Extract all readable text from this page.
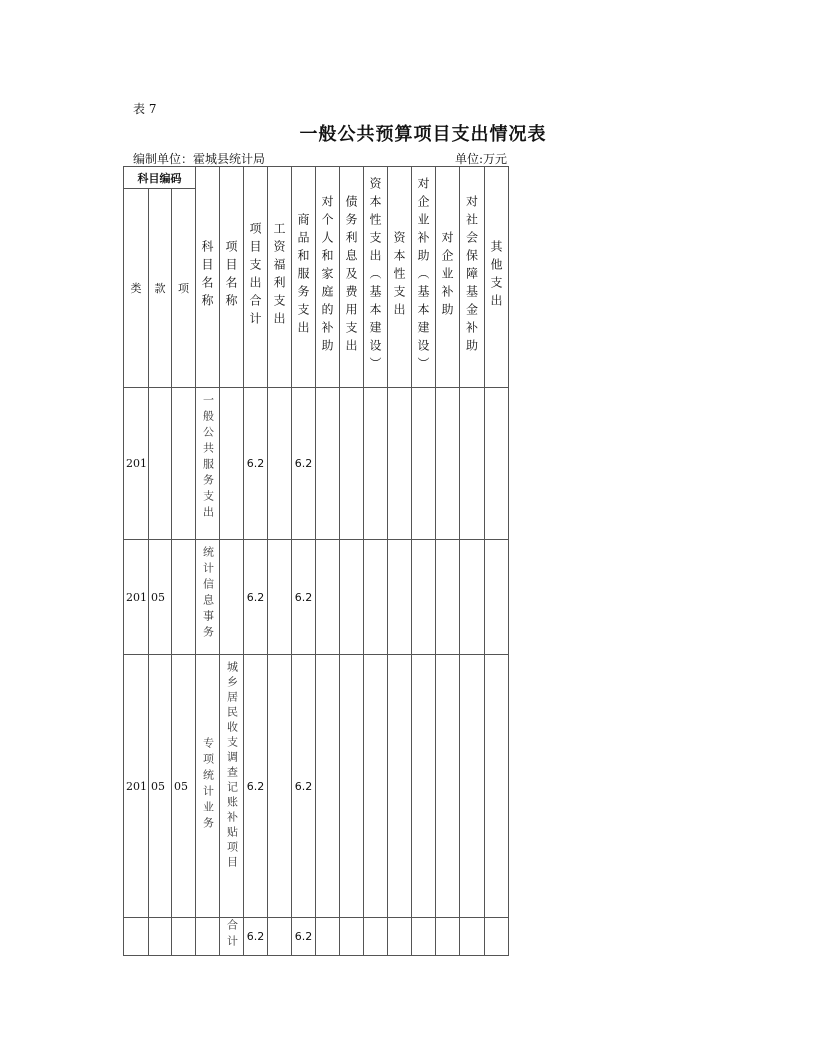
表 7
一般公共预算项目支出情况表
编制单位：霍城县统计局	单位:万元
科目编码			科目名称	项目名称	项目支出合计	工资福利支出	商品和服务支出	对个人和家庭的补助	债务利息及费用支出	资本性支出（基本建设）	资本性支出	对企业补助（基本建设）	对企业补助	对社会保障基金补助	其他支出
类	款	项													
201			一般公共服务支出		6.2		6.2								
201	05		统计信息事务		6.2		6.2								
201	05	05	专项统计业务	城乡居民收支调查记账补贴项目	6.2		6.2								
				合计	6.2		6.2								
